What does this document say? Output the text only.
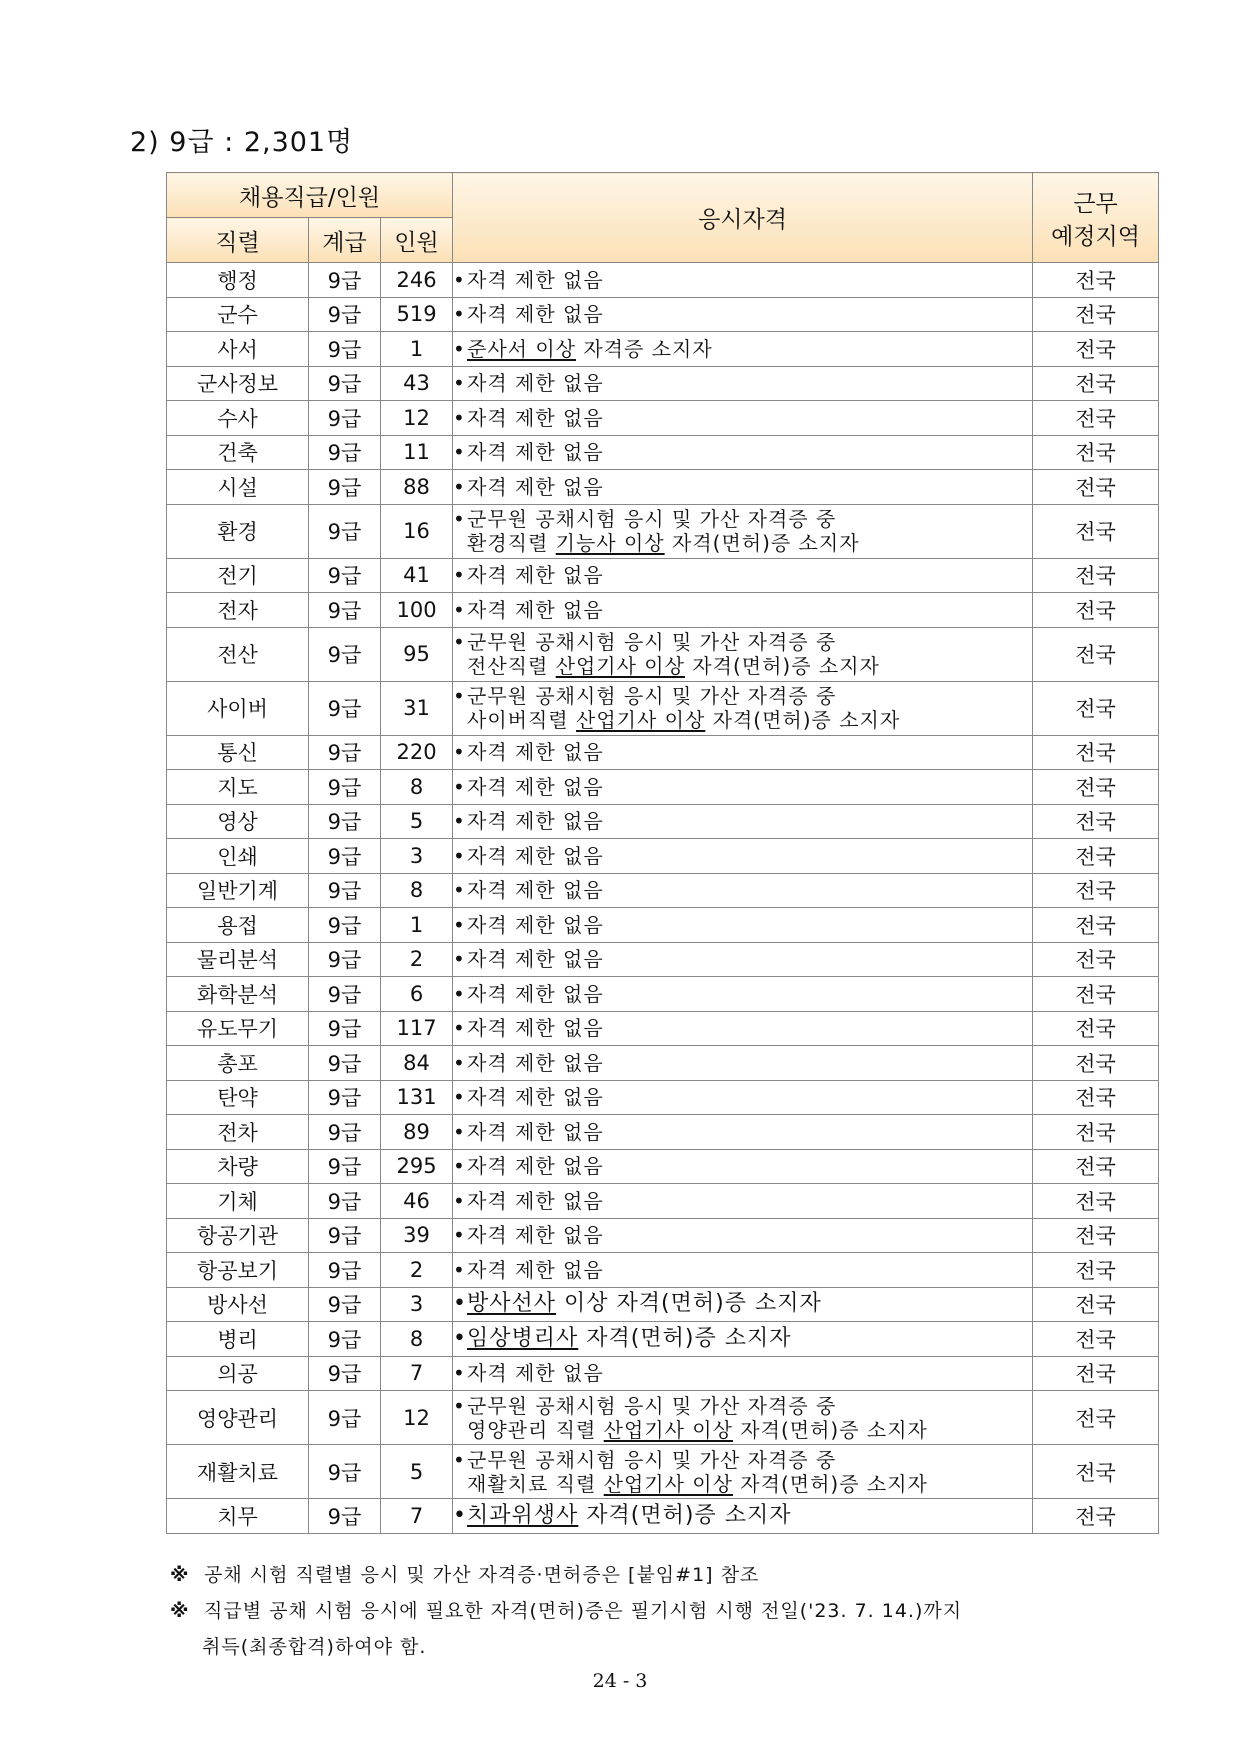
2) 9급 : 2,301명
채용직급/인원			응시자격	근무
예정지역
직렬	계급	인원		
행정	9급	246	•자격 제한 없음	전국
군수	9급	519	•자격 제한 없음	전국
사서	9급	1	•준사서 이상 자격증 소지자	전국
군사정보	9급	43	•자격 제한 없음	전국
수사	9급	12	•자격 제한 없음	전국
건축	9급	11	•자격 제한 없음	전국
시설	9급	88	•자격 제한 없음	전국
환경	9급	16	•군무원 공채시험 응시 및 가산 자격증 중
환경직렬 기능사 이상 자격(면허)증 소지자	전국
전기	9급	41	•자격 제한 없음	전국
전자	9급	100	•자격 제한 없음	전국
전산	9급	95	•군무원 공채시험 응시 및 가산 자격증 중
전산직렬 산업기사 이상 자격(면허)증 소지자	전국
사이버	9급	31	•군무원 공채시험 응시 및 가산 자격증 중
사이버직렬 산업기사 이상 자격(면허)증 소지자	전국
통신	9급	220	•자격 제한 없음	전국
지도	9급	8	•자격 제한 없음	전국
영상	9급	5	•자격 제한 없음	전국
인쇄	9급	3	•자격 제한 없음	전국
일반기계	9급	8	•자격 제한 없음	전국
용접	9급	1	•자격 제한 없음	전국
물리분석	9급	2	•자격 제한 없음	전국
화학분석	9급	6	•자격 제한 없음	전국
유도무기	9급	117	•자격 제한 없음	전국
총포	9급	84	•자격 제한 없음	전국
탄약	9급	131	•자격 제한 없음	전국
전차	9급	89	•자격 제한 없음	전국
차량	9급	295	•자격 제한 없음	전국
기체	9급	46	•자격 제한 없음	전국
항공기관	9급	39	•자격 제한 없음	전국
항공보기	9급	2	•자격 제한 없음	전국
방사선	9급	3	•방사선사 이상 자격(면허)증 소지자	전국
병리	9급	8	•임상병리사 자격(면허)증 소지자	전국
의공	9급	7	•자격 제한 없음	전국
영양관리	9급	12	•군무원 공채시험 응시 및 가산 자격증 중
영양관리 직렬 산업기사 이상 자격(면허)증 소지자	전국
재활치료	9급	5	•군무원 공채시험 응시 및 가산 자격증 중
재활치료 직렬 산업기사 이상 자격(면허)증 소지자	전국
치무	9급	7	•치과위생사 자격(면허)증 소지자	전국
※ 공채 시험 직렬별 응시 및 가산 자격증·면허증은 [붙임#1] 참조
※ 직급별 공채 시험 응시에 필요한 자격(면허)증은 필기시험 시행 전일('23. 7. 14.)까지
취득(최종합격)하여야 함.
24 - 3
